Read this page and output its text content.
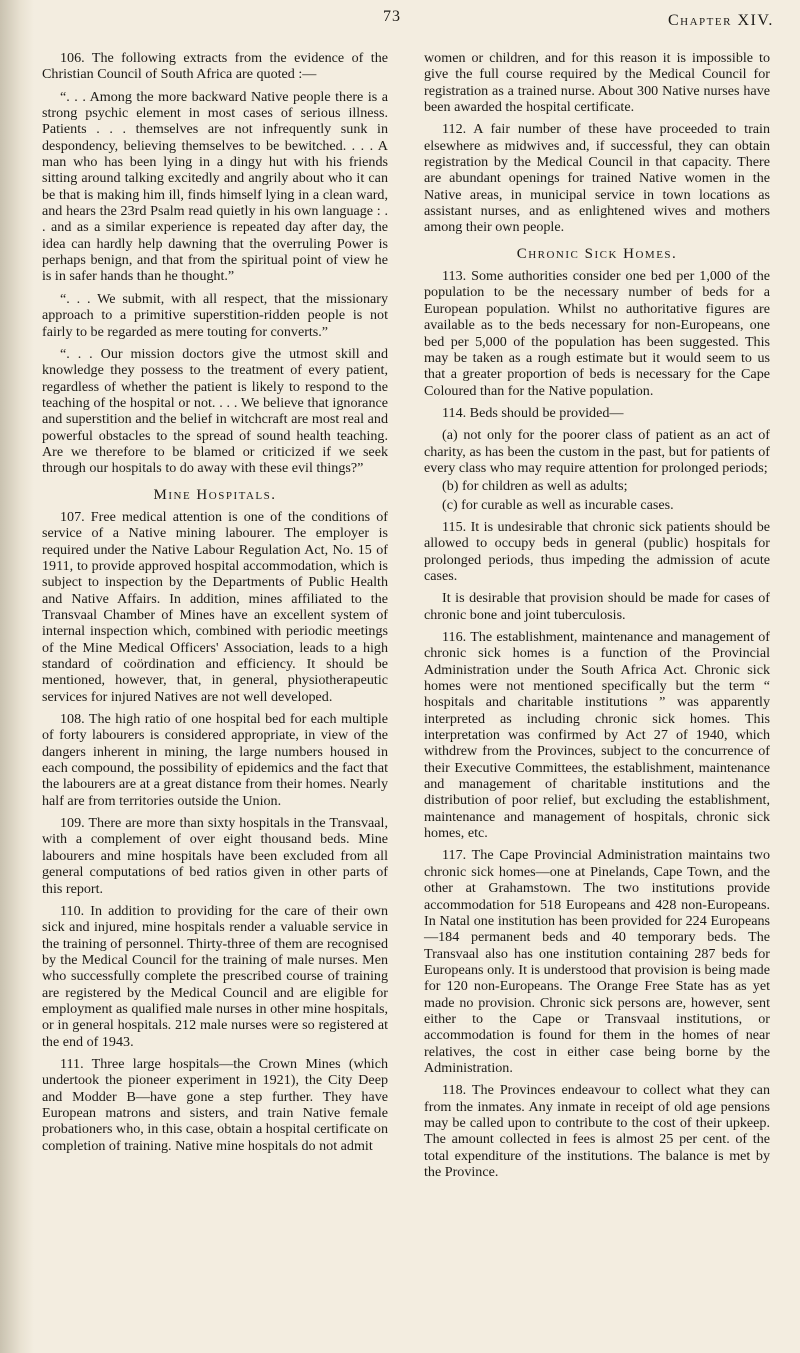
73	Chapter XIV.

106. The following extracts from the evidence of the Christian Council of South Africa are quoted :—

“. . . Among the more backward Native people there is a strong psychic element in most cases of serious illness. Patients . . . themselves are not infrequently sunk in despondency, believing themselves to be bewitched. . . . A man who has been lying in a dingy hut with his friends sitting around talking excitedly and angrily about who it can be that is making him ill, finds himself lying in a clean ward, and hears the 23rd Psalm read quietly in his own language : . . and as a similar experience is repeated day after day, the idea can hardly help dawning that the overruling Power is perhaps benign, and that from the spiritual point of view he is in safer hands than he thought.”

“. . . We submit, with all respect, that the missionary approach to a primitive superstition-ridden people is not fairly to be regarded as mere touting for converts.”

“. . . Our mission doctors give the utmost skill and knowledge they possess to the treatment of every patient, regardless of whether the patient is likely to respond to the teaching of the hospital or not. . . . We believe that ignorance and superstition and the belief in witchcraft are most real and powerful obstacles to the spread of sound health teaching. Are we therefore to be blamed or criticized if we seek through our hospitals to do away with these evil things?”

Mine Hospitals.

107. Free medical attention is one of the conditions of service of a Native mining labourer. The employer is required under the Native Labour Regulation Act, No. 15 of 1911, to provide approved hospital accommodation, which is subject to inspection by the Departments of Public Health and Native Affairs. In addition, mines affiliated to the Transvaal Chamber of Mines have an excellent system of internal inspection which, combined with periodic meetings of the Mine Medical Officers' Association, leads to a high standard of coördination and efficiency. It should be mentioned, however, that, in general, physiotherapeutic services for injured Natives are not well developed.

108. The high ratio of one hospital bed for each multiple of forty labourers is considered appropriate, in view of the dangers inherent in mining, the large numbers housed in each compound, the possibility of epidemics and the fact that the labourers are at a great distance from their homes. Nearly half are from territories outside the Union.

109. There are more than sixty hospitals in the Transvaal, with a complement of over eight thousand beds. Mine labourers and mine hospitals have been excluded from all general computations of bed ratios given in other parts of this report.

110. In addition to providing for the care of their own sick and injured, mine hospitals render a valuable service in the training of personnel. Thirty-three of them are recognised by the Medical Council for the training of male nurses. Men who successfully complete the prescribed course of training are registered by the Medical Council and are eligible for employment as qualified male nurses in other mine hospitals, or in general hospitals. 212 male nurses were so registered at the end of 1943.

111. Three large hospitals—the Crown Mines (which undertook the pioneer experiment in 1921), the City Deep and Modder B—have gone a step further. They have European matrons and sisters, and train Native female probationers who, in this case, obtain a hospital certificate on completion of training. Native mine hospitals do not admit

women or children, and for this reason it is impossible to give the full course required by the Medical Council for registration as a trained nurse. About 300 Native nurses have been awarded the hospital certificate.

112. A fair number of these have proceeded to train elsewhere as midwives and, if successful, they can obtain registration by the Medical Council in that capacity. There are abundant openings for trained Native women in the Native areas, in municipal service in town locations as assistant nurses, and as enlightened wives and mothers among their own people.

Chronic Sick Homes.

113. Some authorities consider one bed per 1,000 of the population to be the necessary number of beds for a European population. Whilst no authoritative figures are available as to the beds necessary for non-Europeans, one bed per 5,000 of the population has been suggested. This may be taken as a rough estimate but it would seem to us that a greater proportion of beds is necessary for the Cape Coloured than for the Native population.

114. Beds should be provided—

(a) not only for the poorer class of patient as an act of charity, as has been the custom in the past, but for patients of every class who may require attention for prolonged periods;
(b) for children as well as adults;
(c) for curable as well as incurable cases.

115. It is undesirable that chronic sick patients should be allowed to occupy beds in general (public) hospitals for prolonged periods, thus impeding the admission of acute cases.

It is desirable that provision should be made for cases of chronic bone and joint tuberculosis.

116. The establishment, maintenance and management of chronic sick homes is a function of the Provincial Administration under the South Africa Act. Chronic sick homes were not mentioned specifically but the term “ hospitals and charitable institutions ” was apparently interpreted as including chronic sick homes. This interpretation was confirmed by Act 27 of 1940, which withdrew from the Provinces, subject to the concurrence of their Executive Committees, the establishment, maintenance and management of charitable institutions and the distribution of poor relief, but excluding the establishment, maintenance and management of hospitals, chronic sick homes, etc.

117. The Cape Provincial Administration maintains two chronic sick homes—one at Pinelands, Cape Town, and the other at Grahamstown. The two institutions provide accommodation for 518 Europeans and 428 non-Europeans. In Natal one institution has been provided for 224 Europeans—184 permanent beds and 40 temporary beds. The Transvaal also has one institution containing 287 beds for Europeans only. It is understood that provision is being made for 120 non-Europeans. The Orange Free State has as yet made no provision. Chronic sick persons are, however, sent either to the Cape or Transvaal institutions, or accommodation is found for them in the homes of near relatives, the cost in either case being borne by the Administration.

118. The Provinces endeavour to collect what they can from the inmates. Any inmate in receipt of old age pensions may be called upon to contribute to the cost of their upkeep. The amount collected in fees is almost 25 per cent. of the total expenditure of the institutions. The balance is met by the Province.
